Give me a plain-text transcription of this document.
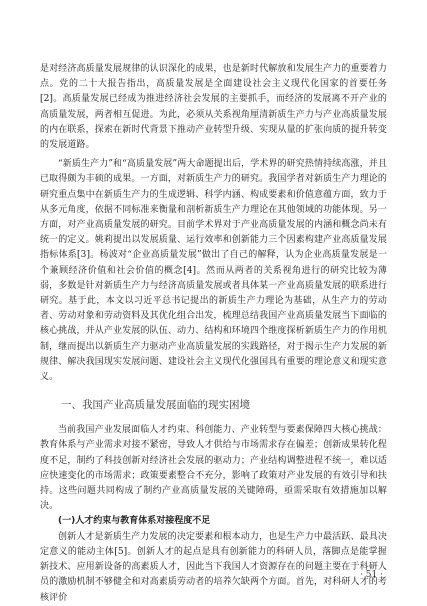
是对经济高质量发展规律的认识深化的成果，也是新时代解放和发展生产力的重要着力点。党的二十大报告指出，高质量发展是全面建设社会主义现代化国家的首要任务[2]。高质量发展已经成为推进经济社会发展的主要抓手，而经济的发展离不开产业的高质量发展，两者相互促进。为此，必须从关系视角厘清新质生产力与产业高质量发展的内在联系，探索在新时代背景下推动产业转型升级、实现从量的扩张向质的提升转变的发展道路。

“新质生产力”和“高质量发展”两大命题提出后，学术界的研究热情持续高涨，并且已取得颇为丰硕的成果。一方面，对新质生产力的研究。我国学者对新质生产力理论的研究重点集中在新质生产力的生成逻辑、科学内涵、构成要素和价值意蕴方面，致力于从多元角度，依据不同标准来衡量和剖析新质生产力理论在其他领域的功能体现。另一方面，对产业高质量发展的研究。目前学术界对于产业高质量发展的内涵和概念尚未有统一的定义。姚莉提出以发展质量、运行效率和创新能力三个因素构建产业高质量发展指标体系[3]。杨波对“企业高质量发展”做出了自己的解释，认为企业高质量发展是一个兼顾经济价值和社会价值的概念[4]。然而从两者的关系视角进行的研究比较为薄弱，多数是针对新质生产力与经济高质量发展或者具体某一产业高质量发展的联系进行研究。基于此，本文以习近平总书记提出的新质生产力理论为基础，从生产力的劳动者、劳动对象和劳动资料及其优化组合出发，梳理总结我国产业高质量发展当下面临的核心挑战，并从产业发展的队伍、动力、结构和环境四个维度探析新质生产力的作用机制，继而提出以新质生产力驱动产业高质量发展的实践路径，对于揭示生产力发展的新规律、解决我国现实发展问题、建设社会主义现代化强国具有重要的理论意义和现实意义。

一、我国产业高质量发展面临的现实困境

当前我国产业发展面临人才约束、科创能力、产业转型与要素保障四大核心挑战：教育体系与产业需求对接不紧密，导致人才供给与市场需求存在偏差；创新成果转化程度不足，制约了科技创新对经济社会发展的驱动力；产业结构调整进程不统一，难以适应快速变化的市场需求；政策要素整合不充分，影响了政策对产业发展的有效引导和扶持。这些问题共同构成了制约产业高质量发展的关键障碍，亟需采取有效措施加以解决。

(一)人才约束与教育体系对接程度不足

创新人才是新质生产力发展的决定要素和根本动力，也是生产力中最活跃、最具决定意义的能动主体[5]。创新人才的起点是具有创新能力的科研人员，落脚点是能掌握新技术、应用新设备的高素质人才，因此当下我国人才资源存在的问题主要在于科研人员的激励机制不够健全和对高素质劳动者的培养欠缺两个方面。首先，对科研人才的考核评价

· 51 ·
